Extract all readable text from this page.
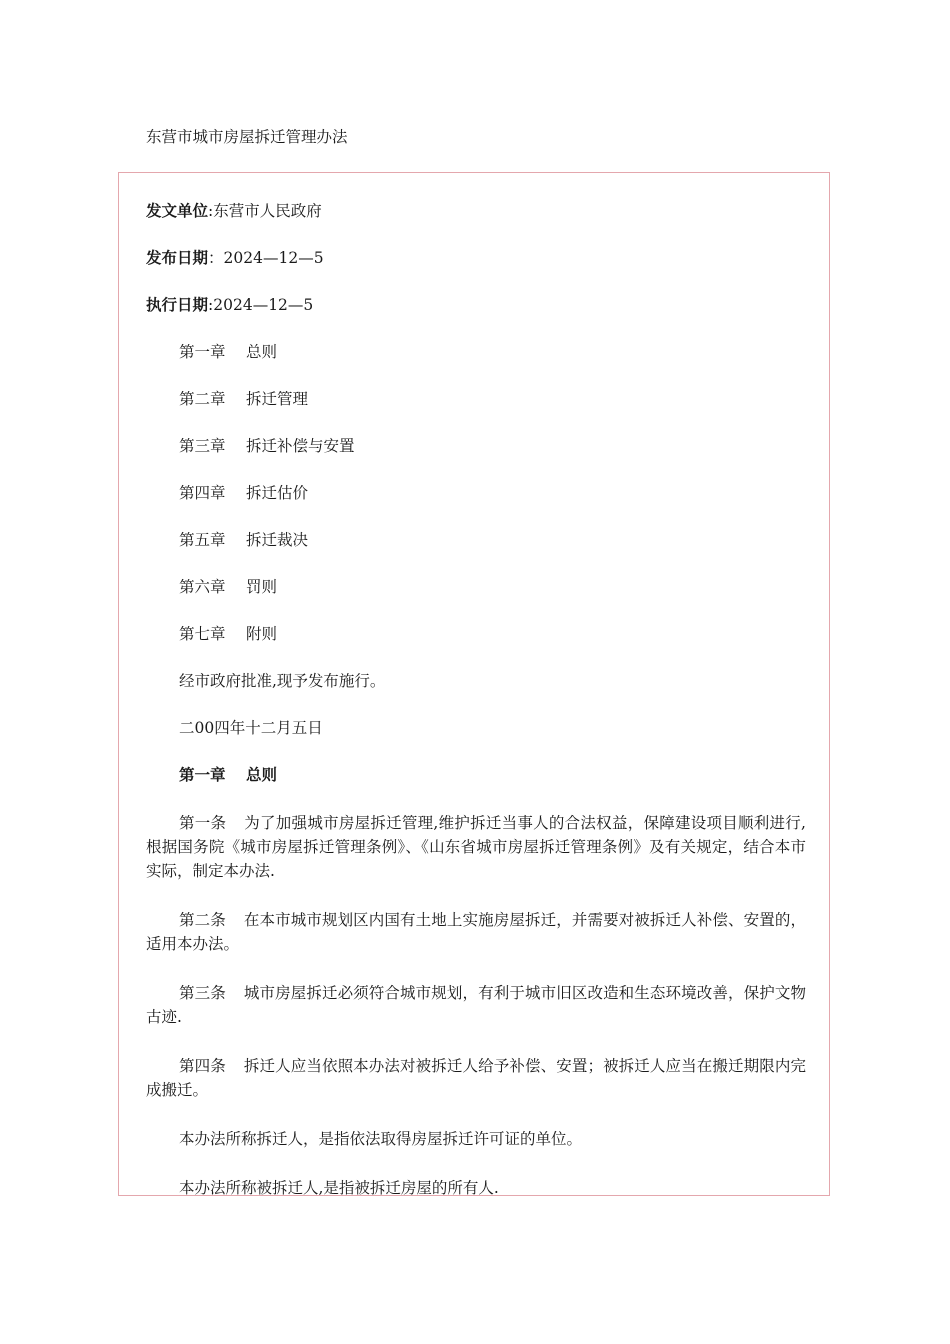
东营市城市房屋拆迁管理办法
发文单位:东营市人民政府
发布日期：2024—12—5
执行日期:2024—12—5
第一章 总则
第二章 拆迁管理
第三章 拆迁补偿与安置
第四章 拆迁估价
第五章 拆迁裁决
第六章 罚则
第七章 附则
经市政府批准,现予发布施行。
二00四年十二月五日
第一章 总则
第一条 为了加强城市房屋拆迁管理,维护拆迁当事人的合法权益，保障建设项目顺利进行,根据国务院《城市房屋拆迁管理条例》、《山东省城市房屋拆迁管理条例》及有关规定，结合本市实际，制定本办法.
第二条 在本市城市规划区内国有土地上实施房屋拆迁，并需要对被拆迁人补偿、安置的，适用本办法。
第三条 城市房屋拆迁必须符合城市规划，有利于城市旧区改造和生态环境改善，保护文物古迹.
第四条 拆迁人应当依照本办法对被拆迁人给予补偿、安置；被拆迁人应当在搬迁期限内完成搬迁。
本办法所称拆迁人，是指依法取得房屋拆迁许可证的单位。
本办法所称被拆迁人,是指被拆迁房屋的所有人.
